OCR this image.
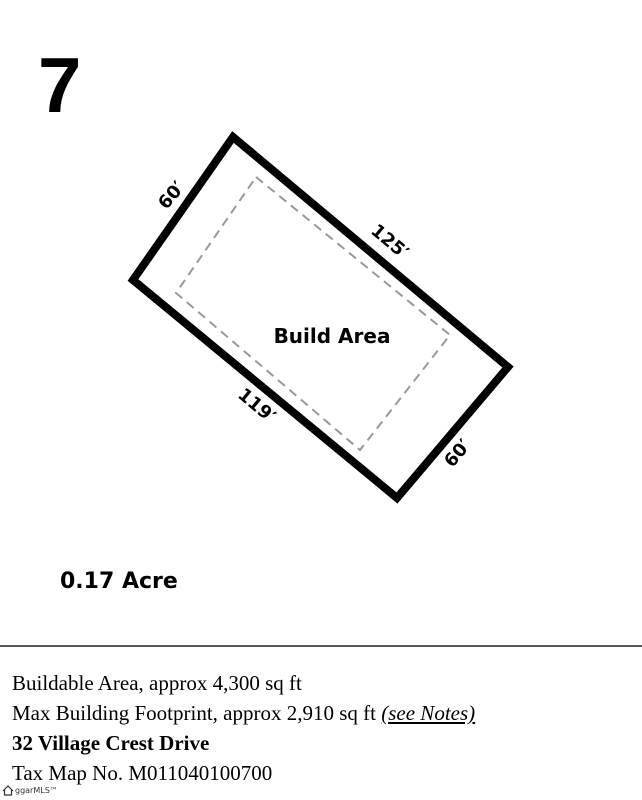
7
Build Area
60′
125′
119′
60′
0.17 Acre
Buildable Area, approx 4,300 sq ft
Max Building Footprint, approx 2,910 sq ft (see Notes)
32 Village Crest Drive
Tax Map No. M011040100700
ggarMLS™
